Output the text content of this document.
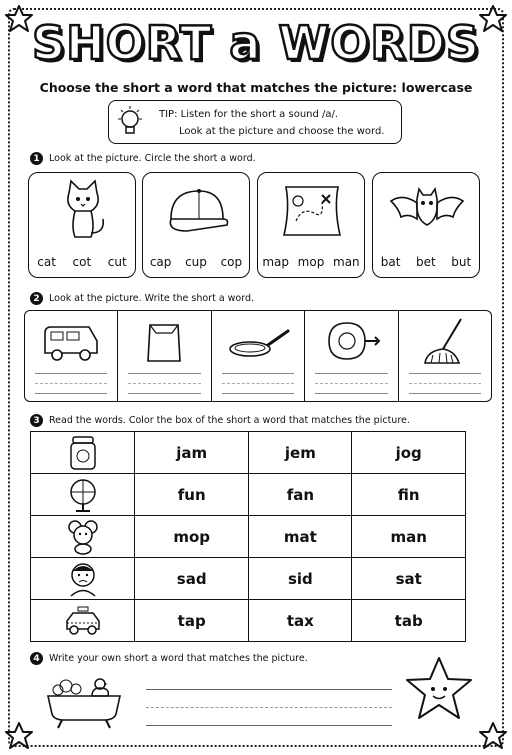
SHORT a WORDS
Choose the short a word that matches the picture: lowercase
TIP: Listen for the short a sound /a/.
Look at the picture and choose the word.
1 Look at the picture. Circle the short a word.
cat cot cut cap cup cop map mop man bat bet but
2 Look at the picture. Write the short a word.
3 Read the words. Color the box of the short a word that matches the picture.
	jam	jem	jog
	fun	fan	fin
	mop	mat	man
	sad	sid	sat
	tap	tax	tab
4 Write your own short a word that matches the picture.
